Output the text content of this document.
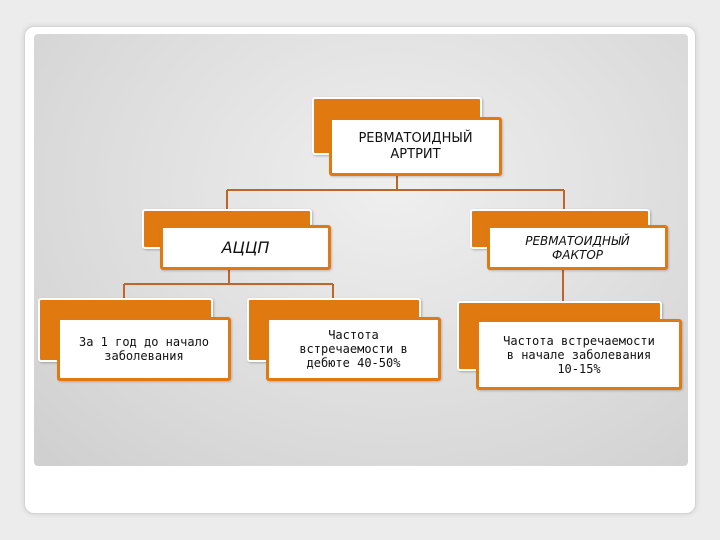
РЕВМАТОИДНЫЙ
АРТРИТ
АЦЦП	РЕВМАТОИДНЫЙ
ФАКТОР
За 1 год до начало
заболевания
Частота
встречаемости в
дебюте 40-50%
Частота встречаемости
в начале заболевания
10-15%
